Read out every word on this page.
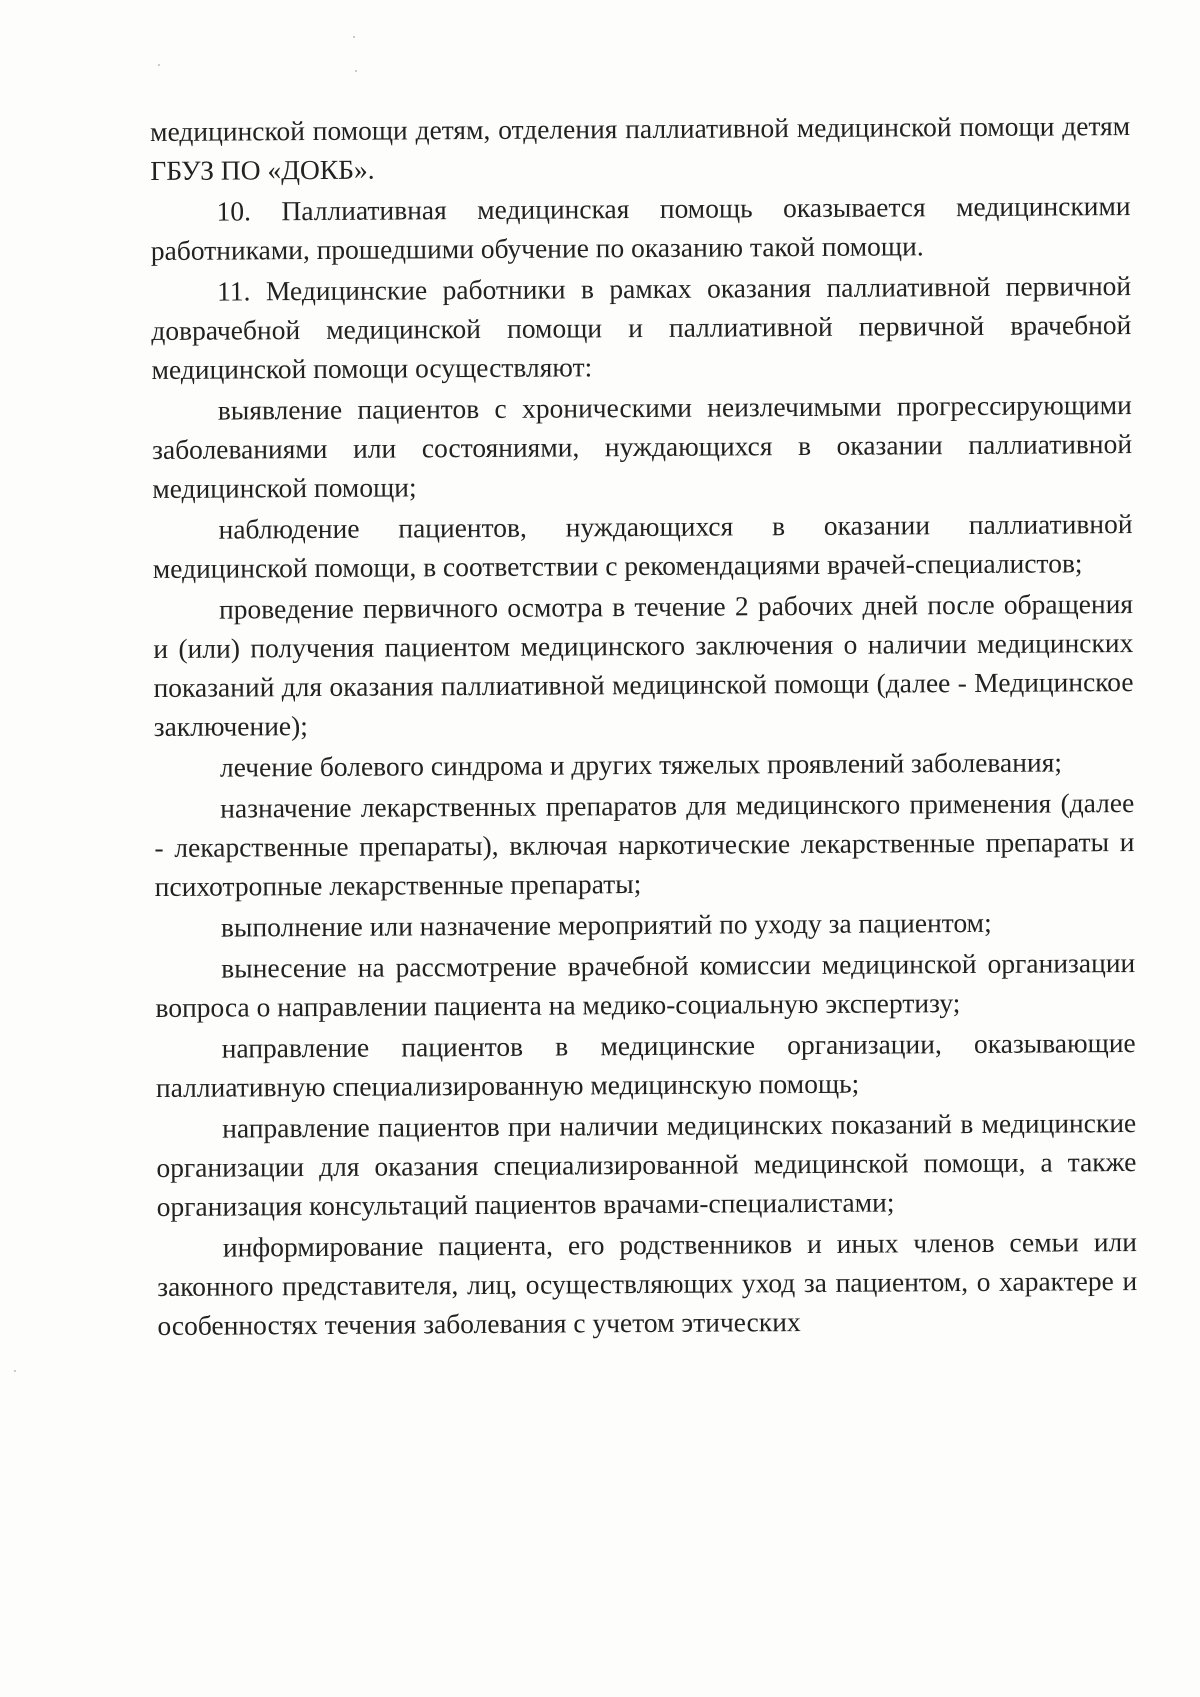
медицинской помощи детям, отделения паллиативной медицинской помощи детям ГБУЗ ПО «ДОКБ».

10. Паллиативная медицинская помощь оказывается медицинскими работниками, прошедшими обучение по оказанию такой помощи.

11. Медицинские работники в рамках оказания паллиативной первичной доврачебной медицинской помощи и паллиативной первичной врачебной медицинской помощи осуществляют:

выявление пациентов с хроническими неизлечимыми прогрессирующими заболеваниями или состояниями, нуждающихся в оказании паллиативной медицинской помощи;

наблюдение пациентов, нуждающихся в оказании паллиативной медицинской помощи, в соответствии с рекомендациями врачей-специалистов;

проведение первичного осмотра в течение 2 рабочих дней после обращения и (или) получения пациентом медицинского заключения о наличии медицинских показаний для оказания паллиативной медицинской помощи (далее - Медицинское заключение);

лечение болевого синдрома и других тяжелых проявлений заболевания;

назначение лекарственных препаратов для медицинского применения (далее - лекарственные препараты), включая наркотические лекарственные препараты и психотропные лекарственные препараты;

выполнение или назначение мероприятий по уходу за пациентом;

вынесение на рассмотрение врачебной комиссии медицинской организации вопроса о направлении пациента на медико-социальную экспертизу;

направление пациентов в медицинские организации, оказывающие паллиативную специализированную медицинскую помощь;

направление пациентов при наличии медицинских показаний в медицинские организации для оказания специализированной медицинской помощи, а также организация консультаций пациентов врачами-специалистами;

информирование пациента, его родственников и иных членов семьи или законного представителя, лиц, осуществляющих уход за пациентом, о характере и особенностях течения заболевания с учетом этических
